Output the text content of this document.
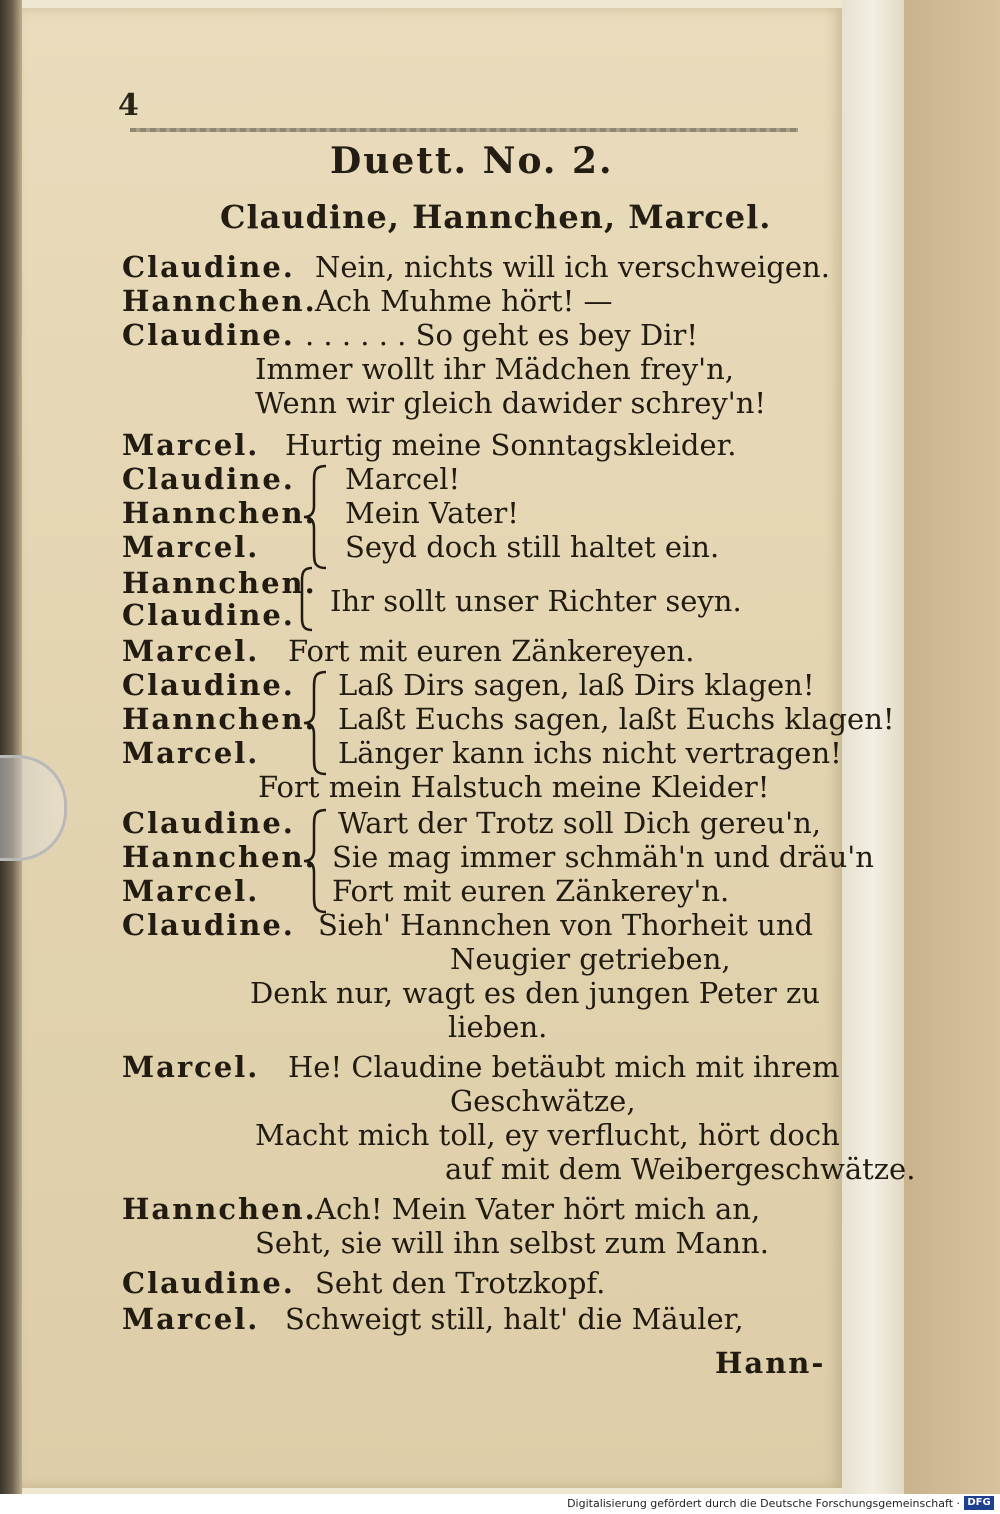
4
Duett. No. 2.
Claudine, Hannchen, Marcel.
Claudine. Nein, nichts will ich verschweigen.
Hannchen.
Ach Muhme hört! —
Claudine. . . . . . . So geht es bey Dir!
Immer wollt ihr Mädchen frey'n,
Wenn wir gleich dawider schrey'n!
Marcel. Hurtig meine Sonntagskleider.
Claudine. Marcel!
Hannchen. Mein Vater!
Marcel.	Seyd doch still haltet ein.
Hannchen.
Claudine. Ihr sollt unser Richter seyn.
Marcel. Fort mit euren Zänkereyen.
Claudine. Laß Dirs sagen, laß Dirs klagen!
Hannchen. Laßt Euchs sagen, laßt Euchs klagen!
Marcel.	Länger kann ichs nicht vertragen!
Fort mein Halstuch meine Kleider!
Claudine. Wart der Trotz soll Dich gereu'n,
Hannchen. Sie mag immer schmäh'n und dräu'n
Marcel.	Fort mit euren Zänkerey'n.
Claudine. Sieh' Hannchen von Thorheit und
Neugier getrieben,
Denk nur, wagt es den jungen Peter zu
lieben.
Marcel. He! Claudine betäubt mich mit ihrem
Geschwätze,
Macht mich toll, ey verflucht, hört doch
auf mit dem Weibergeschwätze.
Hannchen.
Ach! Mein Vater hört mich an,
Seht, sie will ihn selbst zum Mann.
Claudine. Seht den Trotzkopf.
Marcel. Schweigt still, halt' die Mäuler,
Hann-
Digitalisierung gefördert durch die Deutsche Forschungsgemeinschaft · DFG
